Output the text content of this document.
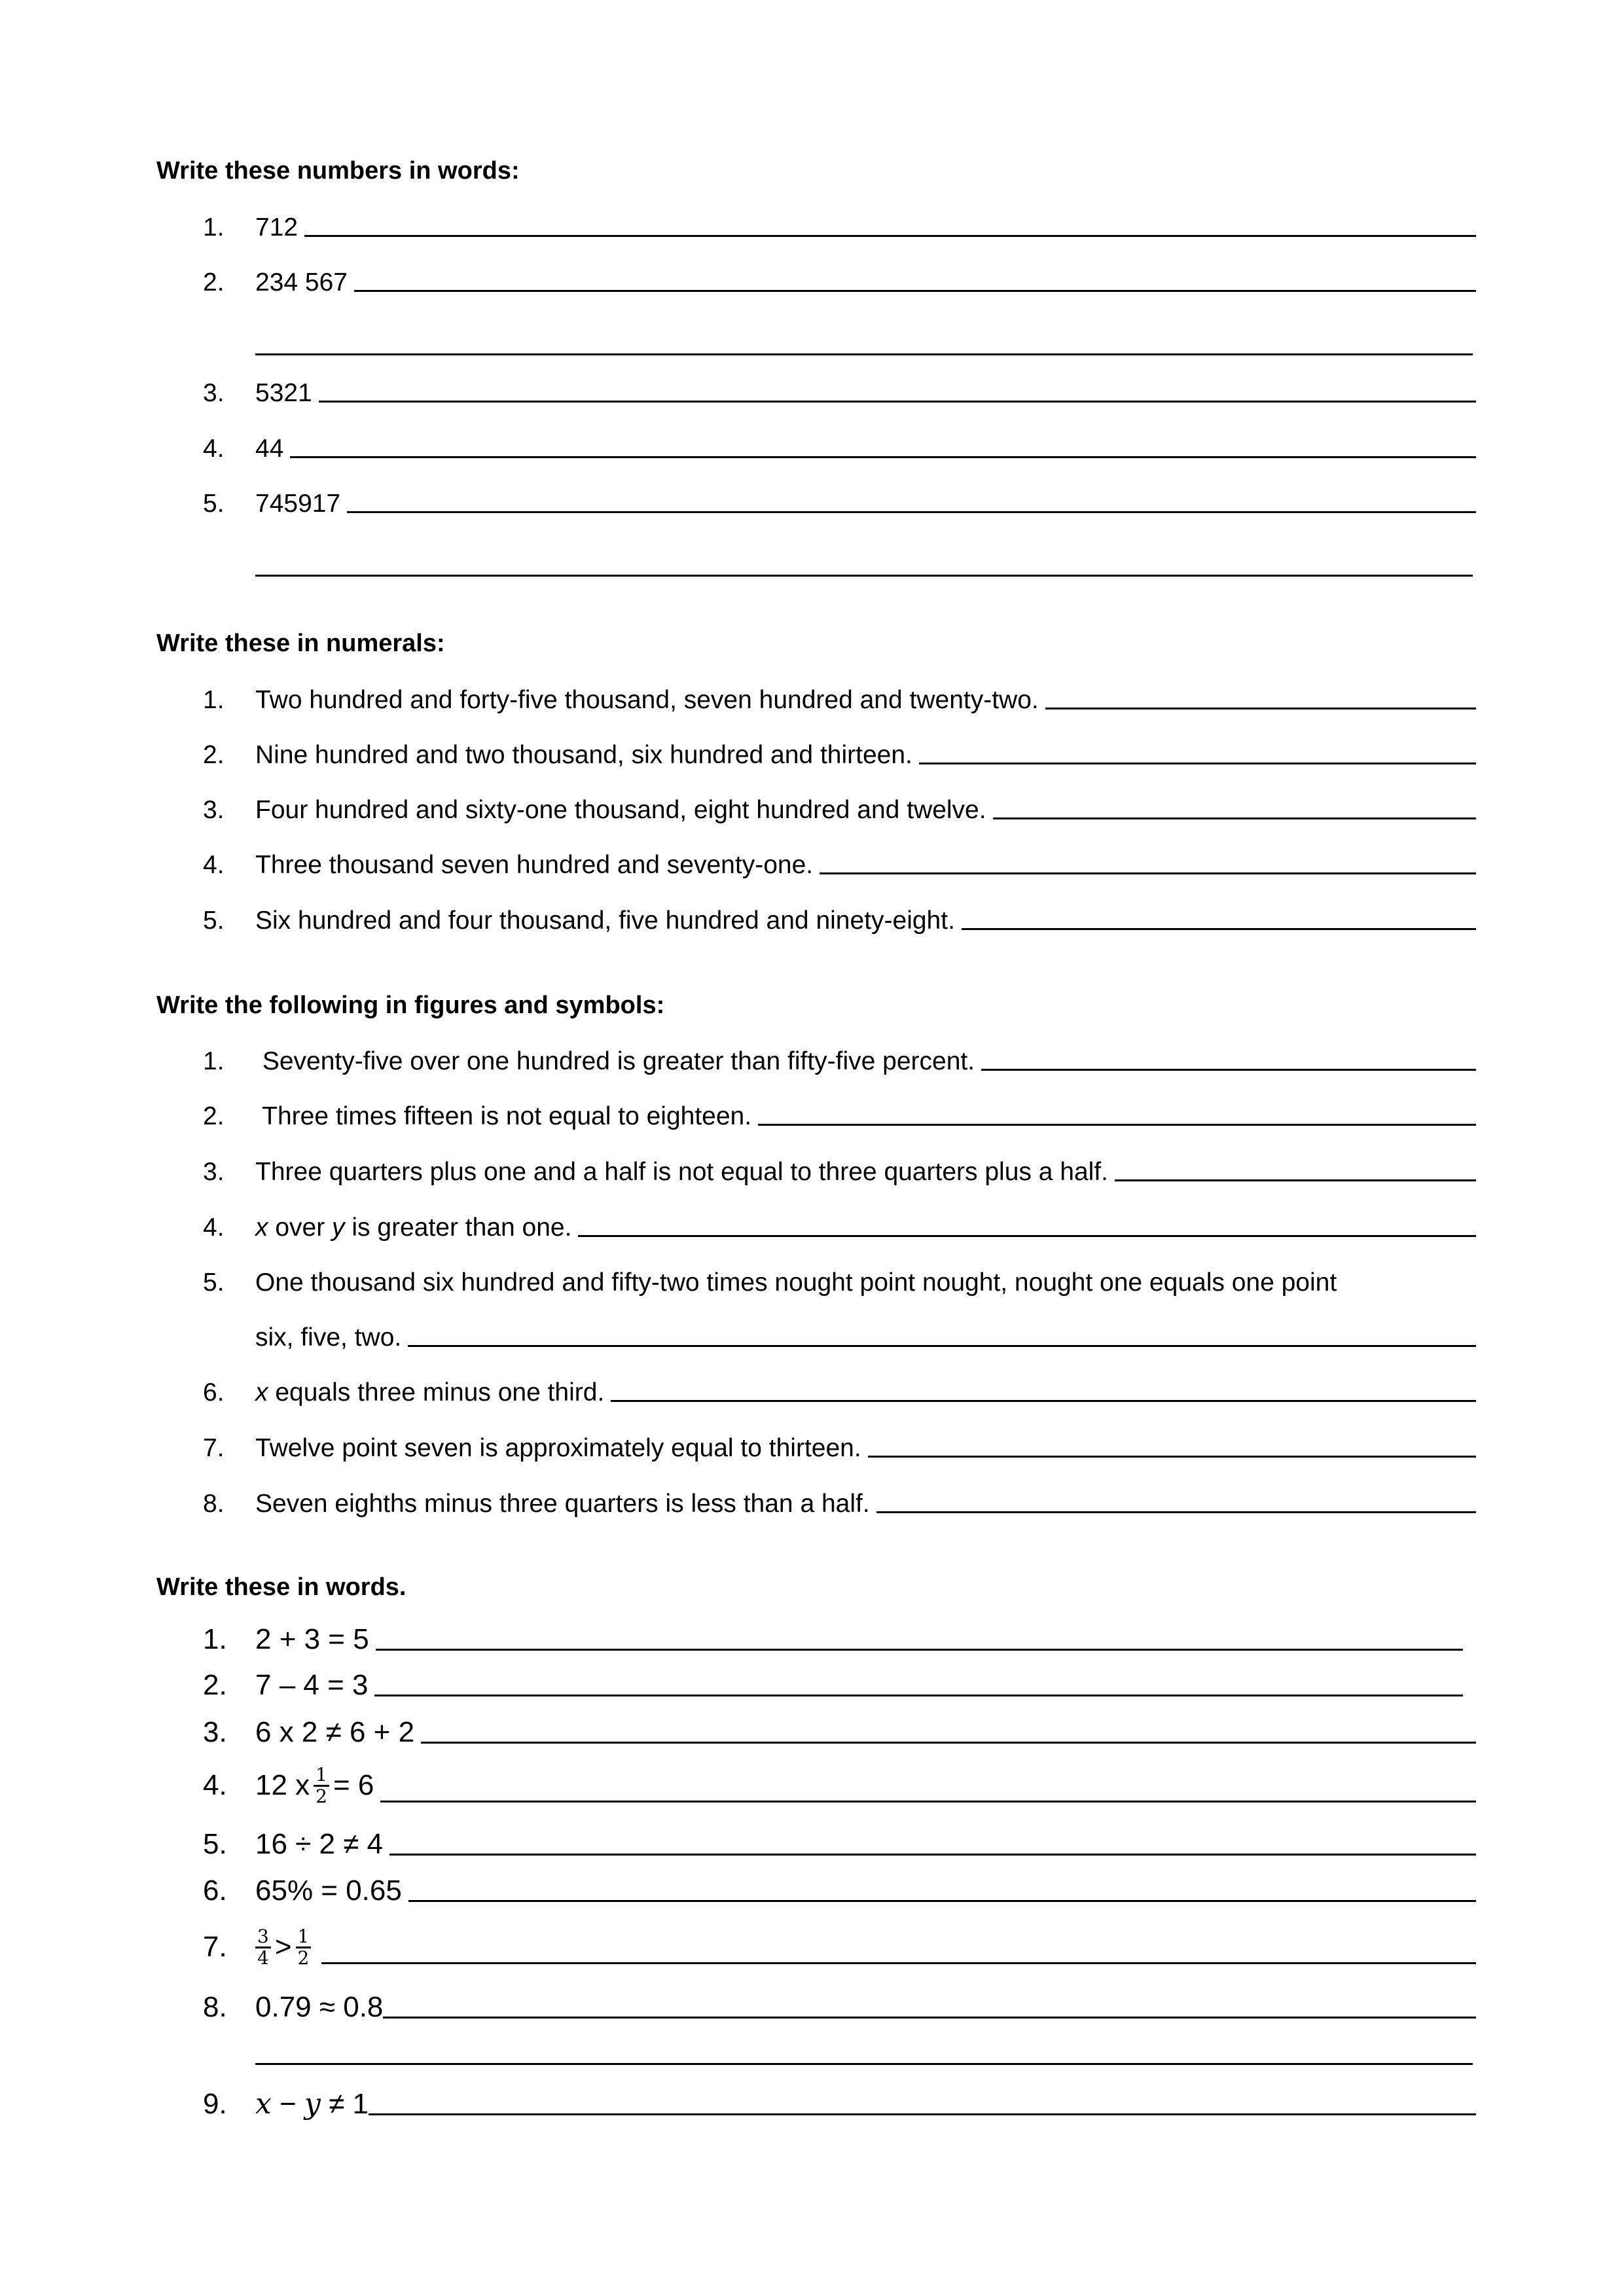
Write these numbers in words:
1.	712
2.	234 567
3.	5321
4.	44
5.	745917
Write these in numerals:
1.	Two hundred and forty-five thousand, seven hundred and twenty-two.
2.	Nine hundred and two thousand, six hundred and thirteen.
3.	Four hundred and sixty-one thousand, eight hundred and twelve.
4.	Three thousand seven hundred and seventy-one.
5.	Six hundred and four thousand, five hundred and ninety-eight.
Write the following in figures and symbols:
1.	Seventy-five over one hundred is greater than fifty-five percent.
2.	Three times fifteen is not equal to eighteen.
3.	Three quarters plus one and a half is not equal to three quarters plus a half.
4.	x over y is greater than one.
5.	One thousand six hundred and fifty-two times nought point nought, nought one equals one point
six, five, two.
6.	x equals three minus one third.
7.	Twelve point seven is approximately equal to thirteen.
8.	Seven eighths minus three quarters is less than a half.
Write these in words.
1. 2 + 3 = 5
2. 7 – 4 = 3
3. 6 x 2 ≠ 6 + 2
4. 12 x $\frac{1}{2} = 6$
5. 16 ÷ 2 ≠ 4
6. 65% = 0.65
7.	3
4 > 1
2
8. 0.79 ≈ 0.8
9. x − y ≠ 1
